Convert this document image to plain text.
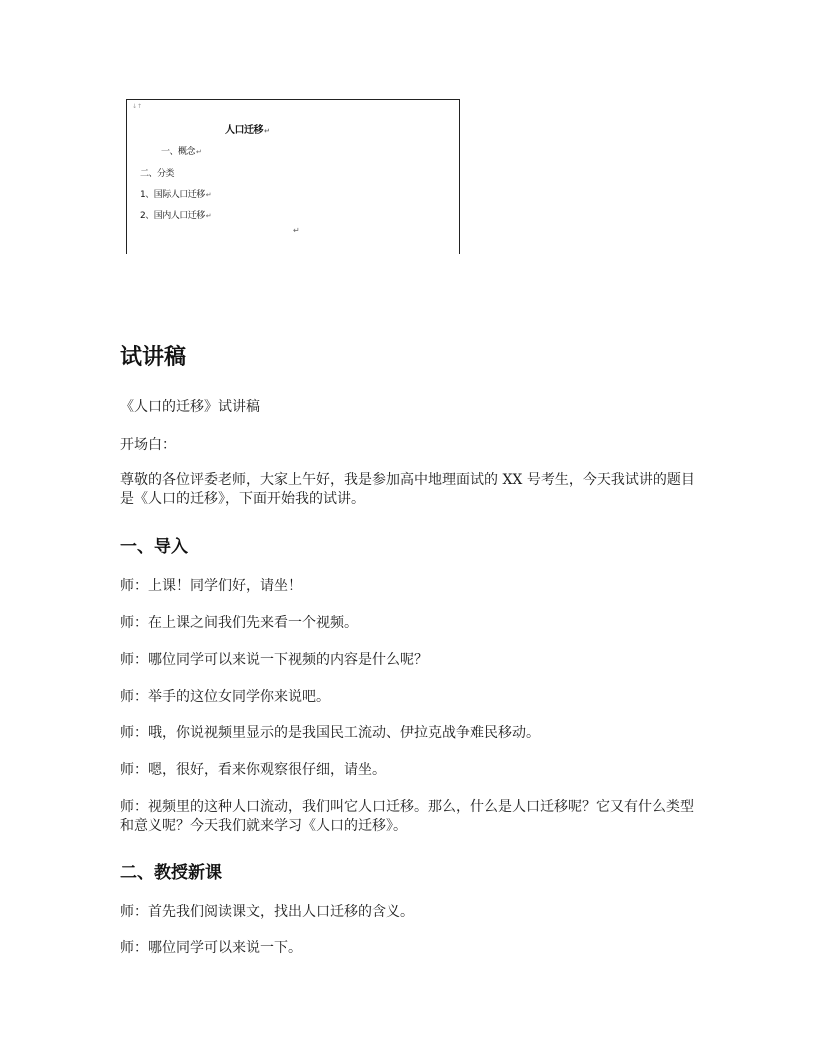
↓↑
人口迁移↵
一、概念↵
二、分类
1、国际人口迁移↵
2、国内人口迁移↵
↵
试讲稿

《人口的迁移》试讲稿

开场白：

尊敬的各位评委老师，大家上午好，我是参加高中地理面试的 XX 号考生，今天我试讲的题目是《人口的迁移》，下面开始我的试讲。

一、导入

师：上课！同学们好，请坐！

师：在上课之间我们先来看一个视频。

师：哪位同学可以来说一下视频的内容是什么呢？

师：举手的这位女同学你来说吧。

师：哦，你说视频里显示的是我国民工流动、伊拉克战争难民移动。

师：嗯，很好，看来你观察很仔细，请坐。

师：视频里的这种人口流动，我们叫它人口迁移。那么，什么是人口迁移呢？它又有什么类型和意义呢？今天我们就来学习《人口的迁移》。

二、教授新课

师：首先我们阅读课文，找出人口迁移的含义。

师：哪位同学可以来说一下。
